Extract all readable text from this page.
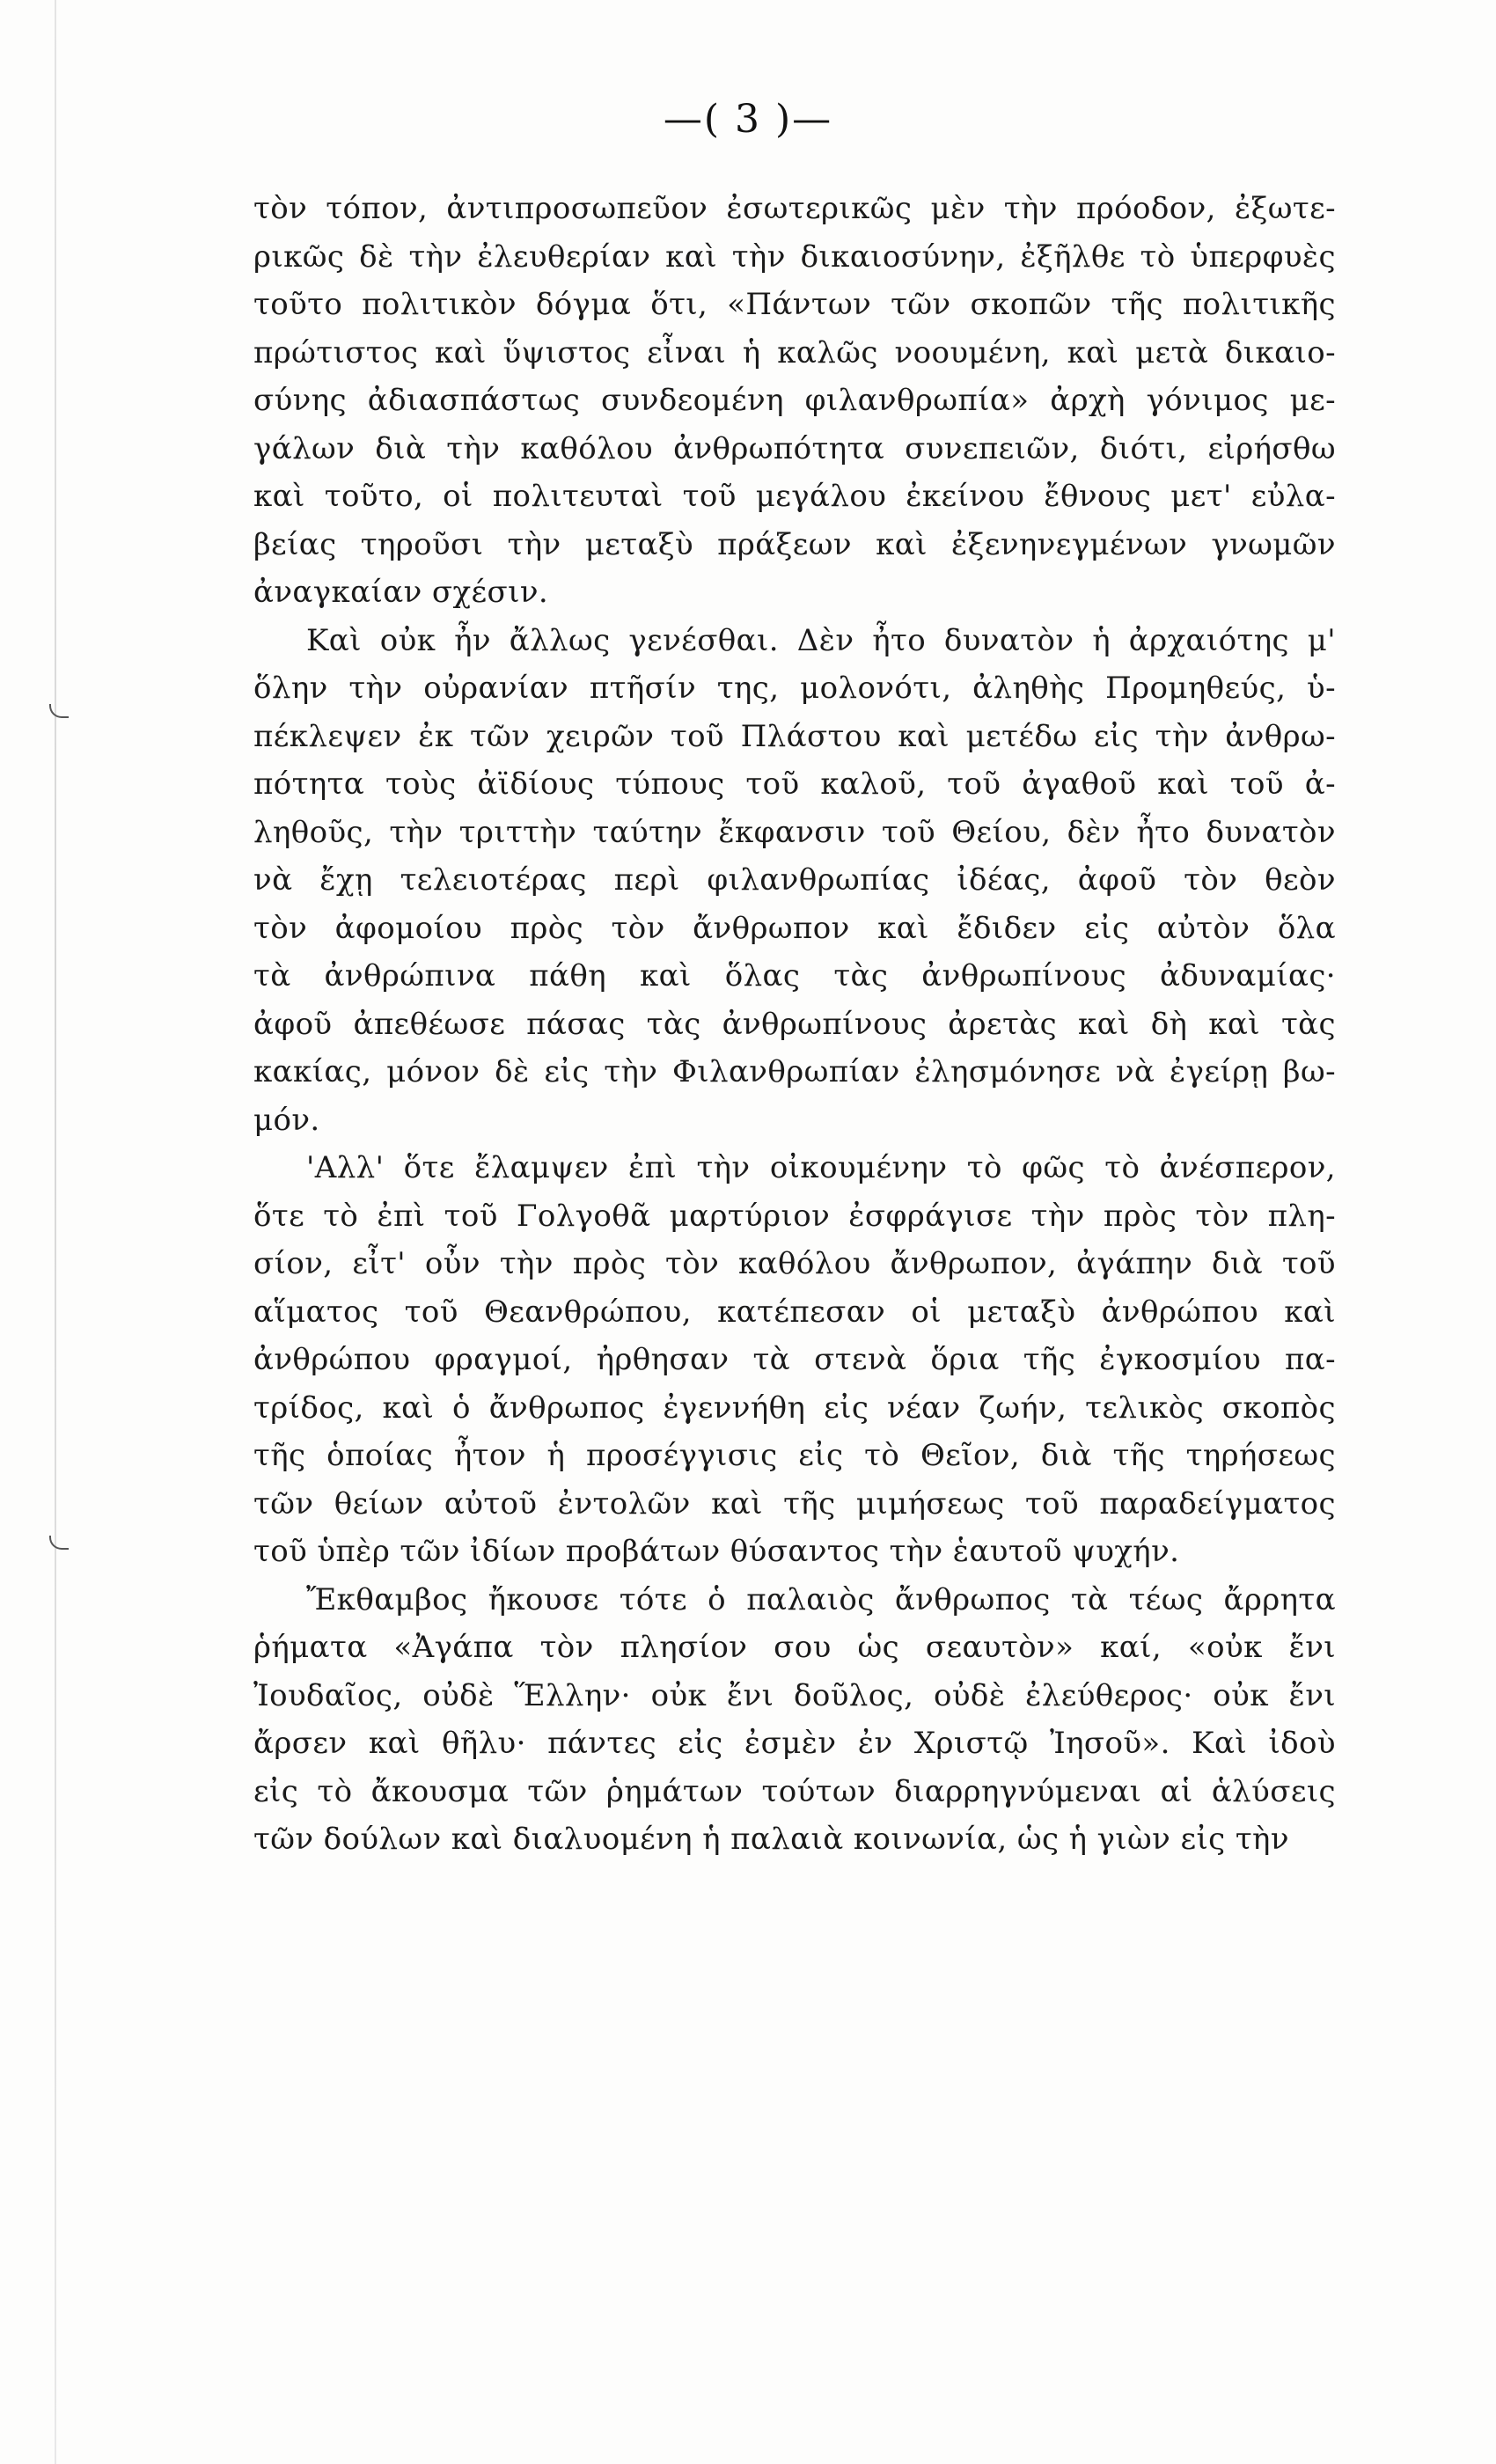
—( 3 )—

τὸν τόπον, ἀντιπροσωπεῦον ἐσωτερικῶς μὲν τὴν πρόοδον, ἐξωτε-
ρικῶς δὲ τὴν ἐλευθερίαν καὶ τὴν δικαιοσύνην, ἐξῆλθε τὸ ὑπερφυὲς
τοῦτο πολιτικὸν δόγμα ὅτι, «Πάντων τῶν σκοπῶν τῆς πολιτικῆς
πρώτιστος καὶ ὕψιστος εἶναι ἡ καλῶς νοουμένη, καὶ μετὰ δικαιο-
σύνης ἀδιασπάστως συνδεομένη φιλανθρωπία» ἀρχὴ γόνιμος με-
γάλων διὰ τὴν καθόλου ἀνθρωπότητα συνεπειῶν, διότι, εἰρήσθω
καὶ τοῦτο, οἱ πολιτευταὶ τοῦ μεγάλου ἐκείνου ἔθνους μετ' εὐλα-
βείας τηροῦσι τὴν μεταξὺ πράξεων καὶ ἐξενηνεγμένων γνωμῶν
ἀναγκαίαν σχέσιν.

Καὶ οὐκ ἦν ἄλλως γενέσθαι. Δὲν ἦτο δυνατὸν ἡ ἀρχαιότης μ'
ὅλην τὴν οὐρανίαν πτῆσίν της, μολονότι, ἀληθὴς Προμηθεύς, ὑ-
πέκλεψεν ἐκ τῶν χειρῶν τοῦ Πλάστου καὶ μετέδω εἰς τὴν ἀνθρω-
πότητα τοὺς ἀϊδίους τύπους τοῦ καλοῦ, τοῦ ἀγαθοῦ καὶ τοῦ ἀ-
ληθοῦς, τὴν τριττὴν ταύτην ἔκφανσιν τοῦ Θείου, δὲν ἦτο δυνατὸν
νὰ ἔχῃ τελειοτέρας περὶ φιλανθρωπίας ἰδέας, ἀφοῦ τὸν θεὸν
τὸν ἀφομοίου πρὸς τὸν ἄνθρωπον καὶ ἔδιδεν εἰς αὐτὸν ὅλα
τὰ ἀνθρώπινα πάθη καὶ ὅλας τὰς ἀνθρωπίνους ἀδυναμίας·
ἀφοῦ ἀπεθέωσε πάσας τὰς ἀνθρωπίνους ἀρετὰς καὶ δὴ καὶ τὰς
κακίας, μόνον δὲ εἰς τὴν Φιλανθρωπίαν ἐλησμόνησε νὰ ἐγείρῃ βω-
μόν.

'Αλλ' ὅτε ἔλαμψεν ἐπὶ τὴν οἰκουμένην τὸ φῶς τὸ ἀνέσπερον,
ὅτε τὸ ἐπὶ τοῦ Γολγοθᾶ μαρτύριον ἐσφράγισε τὴν πρὸς τὸν πλη-
σίον, εἶτ' οὖν τὴν πρὸς τὸν καθόλου ἄνθρωπον, ἀγάπην διὰ τοῦ
αἵματος τοῦ Θεανθρώπου, κατέπεσαν οἱ μεταξὺ ἀνθρώπου καὶ
ἀνθρώπου φραγμοί, ἠρθησαν τὰ στενὰ ὅρια τῆς ἐγκοσμίου πα-
τρίδος, καὶ ὁ ἄνθρωπος ἐγεννήθη εἰς νέαν ζωήν, τελικὸς σκοπὸς
τῆς ὁποίας ἦτον ἡ προσέγγισις εἰς τὸ Θεῖον, διὰ τῆς τηρήσεως
τῶν θείων αὐτοῦ ἐντολῶν καὶ τῆς μιμήσεως τοῦ παραδείγματος
τοῦ ὑπὲρ τῶν ἰδίων προβάτων θύσαντος τὴν ἑαυτοῦ ψυχήν.

Ἔκθαμβος ἤκουσε τότε ὁ παλαιὸς ἄνθρωπος τὰ τέως ἄρρητα
ῥήματα «Ἀγάπα τὸν πλησίον σου ὡς σεαυτὸν» καί, «οὐκ ἔνι
Ἰουδαῖος, οὐδὲ Ἕλλην· οὐκ ἔνι δοῦλος, οὐδὲ ἐλεύθερος· οὐκ ἔνι
ἄρσεν καὶ θῆλυ· πάντες εἰς ἐσμὲν ἐν Χριστῷ Ἰησοῦ». Καὶ ἰδοὺ
εἰς τὸ ἄκουσμα τῶν ῥημάτων τούτων διαρρηγνύμεναι αἱ ἁλύσεις
τῶν δούλων καὶ διαλυομένη ἡ παλαιὰ κοινωνία, ὡς ἡ γιὼν εἰς τὴν
